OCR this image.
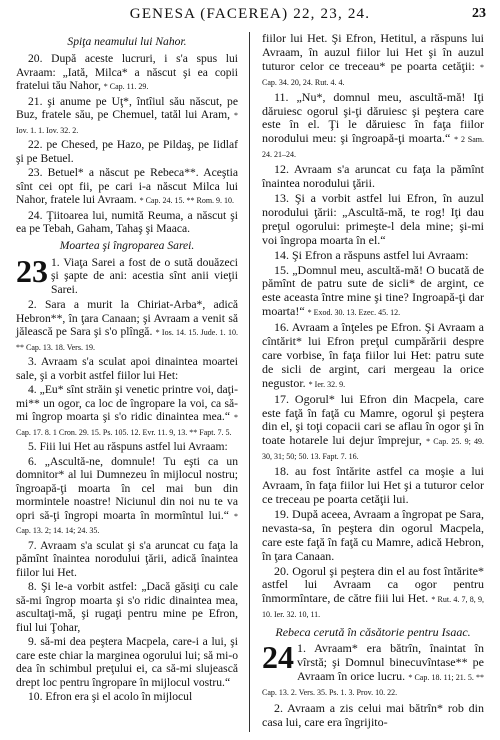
GENESA (FACEREA) 22, 23, 24.	23
Spiţa neamului lui Nahor.

20. După aceste lucruri, i s'a spus lui Avraam: „Iată, Milca* a născut şi ea copii fratelui tău Nahor, * Cap. 11. 29.

21. şi anume pe Uţ*, întîiul său născut, pe Buz, fratele său, pe Chemuel, tatăl lui Aram, * Iov. 1. 1. Iov. 32. 2.

22. pe Chesed, pe Hazo, pe Pildaş, pe Iidlaf şi pe Betuel.

23. Betuel* a născut pe Rebeca**. Aceştia sînt cei opt fii, pe cari i-a născut Milca lui Nahor, fratele lui Avraam. * Cap. 24. 15. ** Rom. 9. 10.

24. Ţiitoarea lui, numită Reuma, a născut şi ea pe Tebah, Gaham, Tahaş şi Maaca.

Moartea şi îngroparea Sarei.
23 1. Viaţa Sarei a fost de o sută douăzeci şi şapte de ani: acestia sînt anii vieţii Sarei.

2. Sara a murit la Chiriat-Arba*, adică Hebron**, în ţara Canaan; şi Avraam a venit să jălească pe Sara şi s'o plîngă. * Ios. 14. 15. Jude. 1. 10. ** Cap. 13. 18. Vers. 19.

3. Avraam s'a sculat apoi dinaintea moartei sale, şi a vorbit astfel fiilor lui Het:

4. „Eu* sînt străin şi venetic printre voi, daţi-mi** un ogor, ca loc de îngropare la voi, ca să-mi îngrop moarta şi s'o ridic dinaintea mea.“ * Cap. 17. 8. 1 Cron. 29. 15. Ps. 105. 12. Evr. 11. 9, 13. ** Fapt. 7. 5.

5. Fiii lui Het au răspuns astfel lui Avraam:

6. „Ascultă-ne, domnule! Tu eşti ca un domnitor* al lui Dumnezeu în mijlocul nostru; îngroapă-ţi moarta în cel mai bun din mormintele noastre! Niciunul din noi nu te va opri să-ţi îngropi moarta în mormîntul lui.“ * Cap. 13. 2; 14. 14; 24. 35.

7. Avraam s'a sculat şi s'a aruncat cu faţa la pămînt înaintea norodului ţării, adică înaintea fiilor lui Het.

8. Şi le-a vorbit astfel: „Dacă găsiţi cu cale să-mi îngrop moarta şi s'o ridic dinaintea mea, ascultaţi-mă, şi rugaţi pentru mine pe Efron, fiul lui Ţohar,

9. să-mi dea peştera Macpela, care-i a lui, şi care este chiar la marginea ogorului lui; să mi-o dea în schimbul preţului ei, ca să-mi slujească drept loc pentru îngropare în mijlocul vostru.“

10. Efron era şi el acolo în mijlocul

fiilor lui Het. Şi Efron, Hetitul, a răspuns lui Avraam, în auzul fiilor lui Het şi în auzul tuturor celor ce treceau* pe poarta cetăţii: * Cap. 34. 20, 24. Rut. 4. 4.

11. „Nu*, domnul meu, ascultă-mă! Iţi dăruiesc ogorul şi-ţi dăruiesc şi peştera care este în el. Ţi le dăruiesc în faţa fiilor norodului meu: şi îngroapă-ţi moarta.“ * 2 Sam. 24. 21–24.

12. Avraam s'a aruncat cu faţa la pămînt înaintea norodului ţării.

13. Şi a vorbit astfel lui Efron, în auzul norodului ţării: „Ascultă-mă, te rog! Iţi dau preţul ogorului: primeşte-l dela mine; şi-mi voi îngropa moarta în el.“

14. Şi Efron a răspuns astfel lui Avraam:

15. „Domnul meu, ascultă-mă! O bucată de pămînt de patru sute de sicli* de argint, ce este aceasta între mine şi tine? Ingroapă-ţi dar moarta!“ * Exod. 30. 13. Ezec. 45. 12.

16. Avraam a înţeles pe Efron. Şi Avraam a cîntărit* lui Efron preţul cumpărării despre care vorbise, în faţa fiilor lui Het: patru sute de sicli de argint, cari mergeau la orice negustor. * Ier. 32. 9.

17. Ogorul* lui Efron din Macpela, care este faţă în faţă cu Mamre, ogorul şi peştera din el, şi toţi copacii cari se aflau în ogor şi în toate hotarele lui dejur împrejur, * Cap. 25. 9; 49. 30, 31; 50; 50. 13. Fapt. 7. 16.

18. au fost întărite astfel ca moşie a lui Avraam, în faţa fiilor lui Het şi a tuturor celor ce treceau pe poarta cetăţii lui.

19. După aceea, Avraam a îngropat pe Sara, nevasta-sa, în peştera din ogorul Macpela, care este faţă în faţă cu Mamre, adică Hebron, în ţara Canaan.

20. Ogorul şi peştera din el au fost întărite* astfel lui Avraam ca ogor pentru înmormîntare, de către fiii lui Het. * Rut. 4. 7, 8, 9, 10. Ier. 32. 10, 11.

Rebeca cerută în căsătorie pentru Isaac.
24 1. Avraam* era bătrîn, înaintat în vîrstă; şi Domnul binecuvîntase** pe Avraam în orice lucru. * Cap. 18. 11; 21. 5. ** Cap. 13. 2. Vers. 35. Ps. 1. 3. Prov. 10. 22.

2. Avraam a zis celui mai bătrîn* rob din casa lui, care era îngrijito-
